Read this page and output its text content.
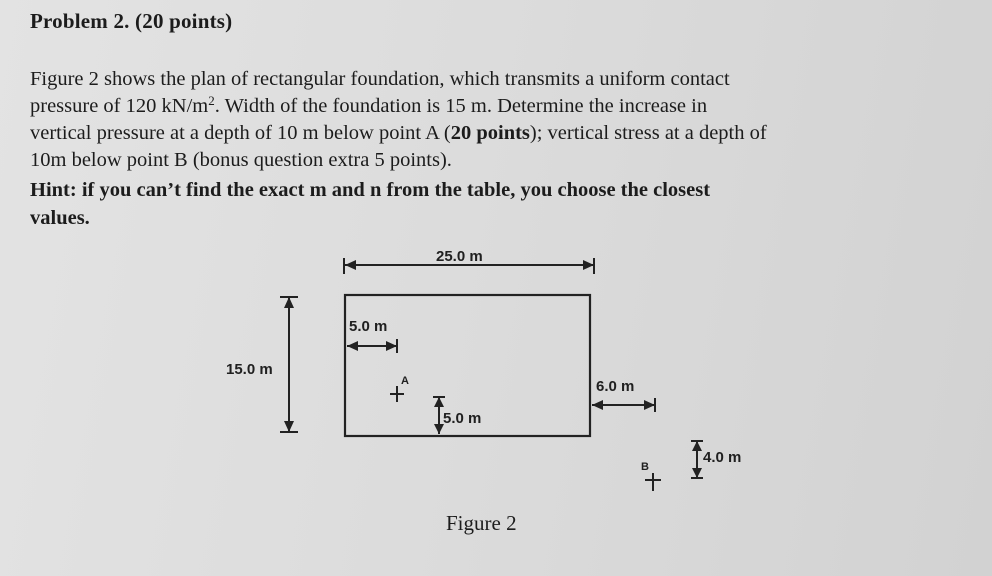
Problem 2. (20 points)
Figure 2 shows the plan of rectangular foundation, which transmits a uniform contact
pressure of 120 $kN/m^2$. Width of the foundation is 15 m. Determine the increase in
vertical pressure at a depth of 10 m below point A (20 points); vertical stress at a depth of
10m below point B (bonus question extra 5 points).
Hint: if you can’t find the exact m and n from the table, you choose the closest
values.
25.0 m
15.0 m
5.0 m
5.0 m
6.0 m
4.0 m
A
B
Figure 2
